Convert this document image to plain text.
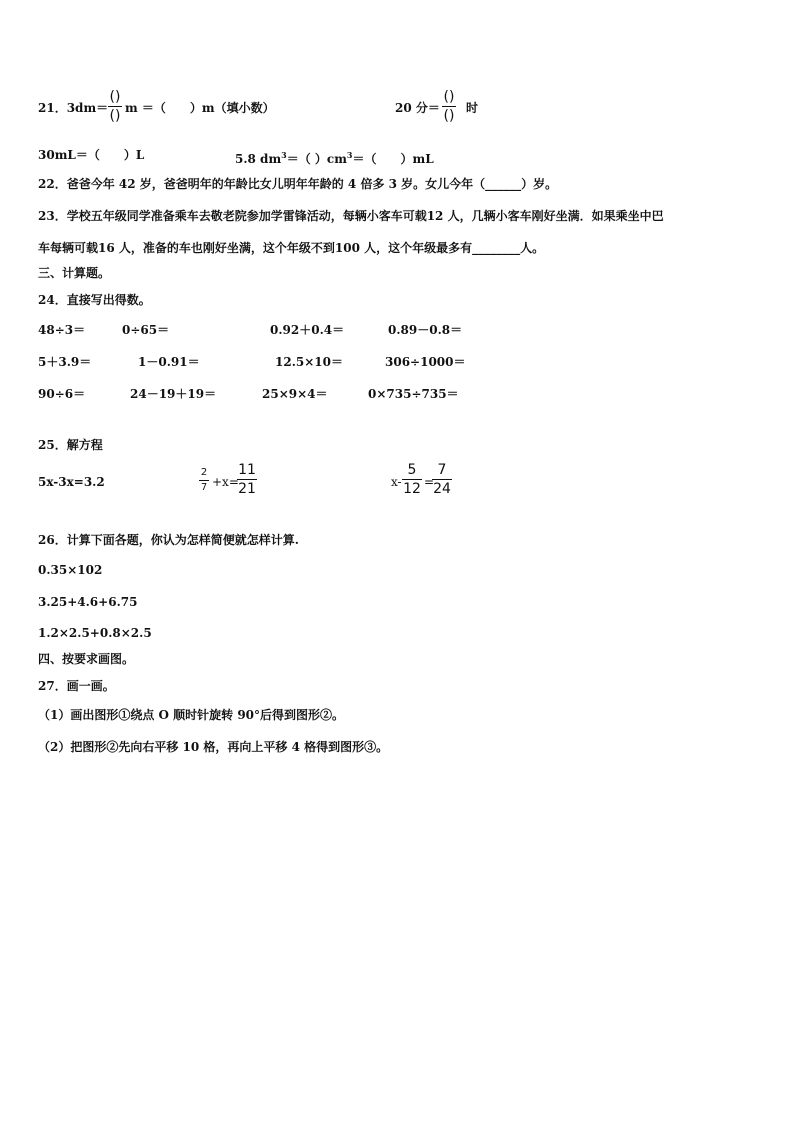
21．3dm＝
()
() m ＝（　　）m（填小数）	20 分＝
()
() 时
30mL＝（　　）L	5.8 $dm^3=$（ ）$cm^3=$（　　）mL
22．爸爸今年 42 岁，爸爸明年的年龄比女儿明年年龄的 4 倍多 3 岁。女儿今年（______）岁。
23．学校五年级同学准备乘车去敬老院参加学雷锋活动，每辆小客车可载12 人，几辆小客车刚好坐满．如果乘坐中巴
车每辆可载16 人，准备的车也刚好坐满，这个年级不到100 人，这个年级最多有________人。
三、计算题。
24．直接写出得数。
48÷3＝	0÷65＝	0.92＋0.4＝	0.89－0.8＝
5＋3.9＝	1－0.91＝	12.5×10＝	306÷1000＝
90÷6＝	24－19＋19＝	25×9×4＝	0×735÷735＝
25．解方程
5x-3x=3.2
2
7 +x=
11
21	x-
5
12 =
7
24
26．计算下面各题，你认为怎样简便就怎样计算.
0.35×102
3.25+4.6+6.75
1.2×2.5+0.8×2.5
四、按要求画图。
27．画一画。
（1）画出图形①绕点 O 顺时针旋转 90°后得到图形②。
（2）把图形②先向右平移 10 格，再向上平移 4 格得到图形③。
